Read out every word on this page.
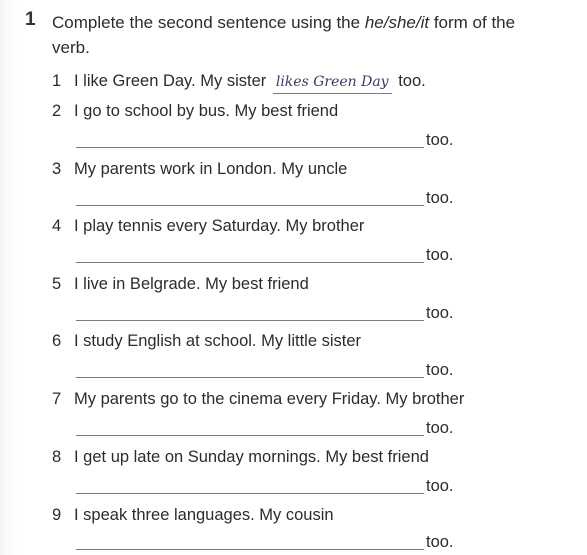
1 Complete the second sentence using the he/she/it form of the verb.
1 I like Green Day. My sister likes Green Day too.
2 I go to school by bus. My best friend
too.
3 My parents work in London. My uncle
too.
4 I play tennis every Saturday. My brother
too.
5 I live in Belgrade. My best friend
too.
6 I study English at school. My little sister
too.
7 My parents go to the cinema every Friday. My brother
too.
8 I get up late on Sunday mornings. My best friend
too.
9 I speak three languages. My cousin
too.
